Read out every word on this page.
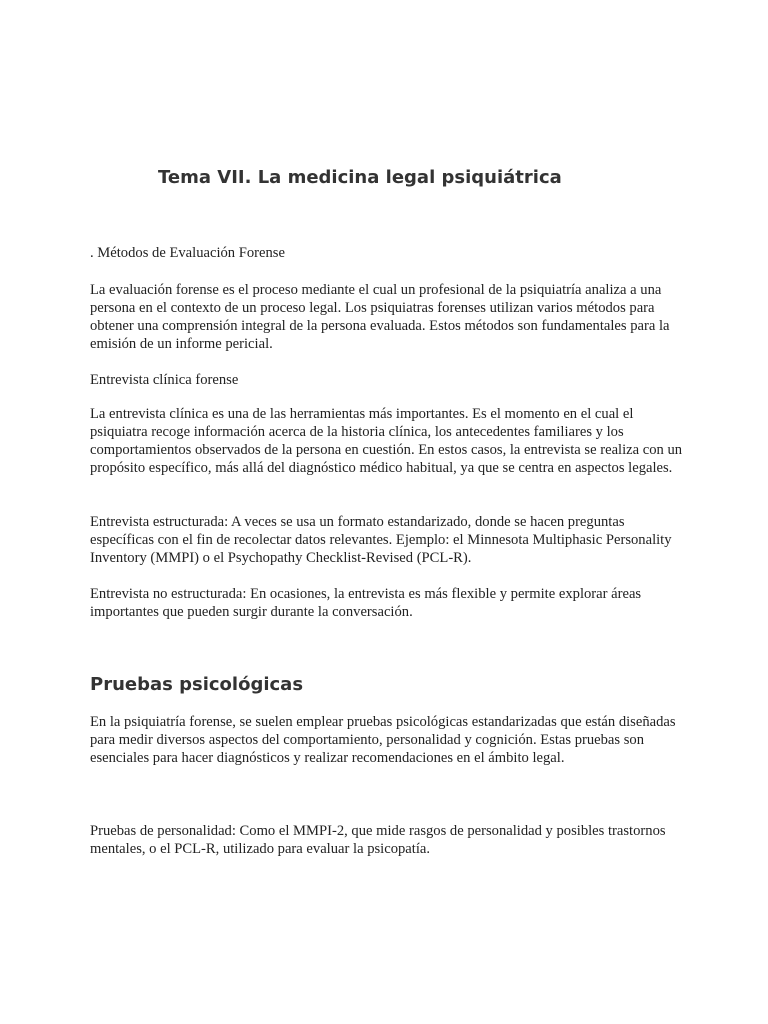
Tema VII. La medicina legal psiquiátrica

. Métodos de Evaluación Forense

La evaluación forense es el proceso mediante el cual un profesional de la psiquiatría analiza a una persona en el contexto de un proceso legal. Los psiquiatras forenses utilizan varios métodos para obtener una comprensión integral de la persona evaluada. Estos métodos son fundamentales para la emisión de un informe pericial.

Entrevista clínica forense

La entrevista clínica es una de las herramientas más importantes. Es el momento en el cual el psiquiatra recoge información acerca de la historia clínica, los antecedentes familiares y los comportamientos observados de la persona en cuestión. En estos casos, la entrevista se realiza con un propósito específico, más allá del diagnóstico médico habitual, ya que se centra en aspectos legales.

Entrevista estructurada: A veces se usa un formato estandarizado, donde se hacen preguntas específicas con el fin de recolectar datos relevantes. Ejemplo: el Minnesota Multiphasic Personality Inventory (MMPI) o el Psychopathy Checklist-Revised (PCL-R).

Entrevista no estructurada: En ocasiones, la entrevista es más flexible y permite explorar áreas importantes que pueden surgir durante la conversación.

Pruebas psicológicas

En la psiquiatría forense, se suelen emplear pruebas psicológicas estandarizadas que están diseñadas para medir diversos aspectos del comportamiento, personalidad y cognición. Estas pruebas son esenciales para hacer diagnósticos y realizar recomendaciones en el ámbito legal.

Pruebas de personalidad: Como el MMPI-2, que mide rasgos de personalidad y posibles trastornos mentales, o el PCL-R, utilizado para evaluar la psicopatía.
